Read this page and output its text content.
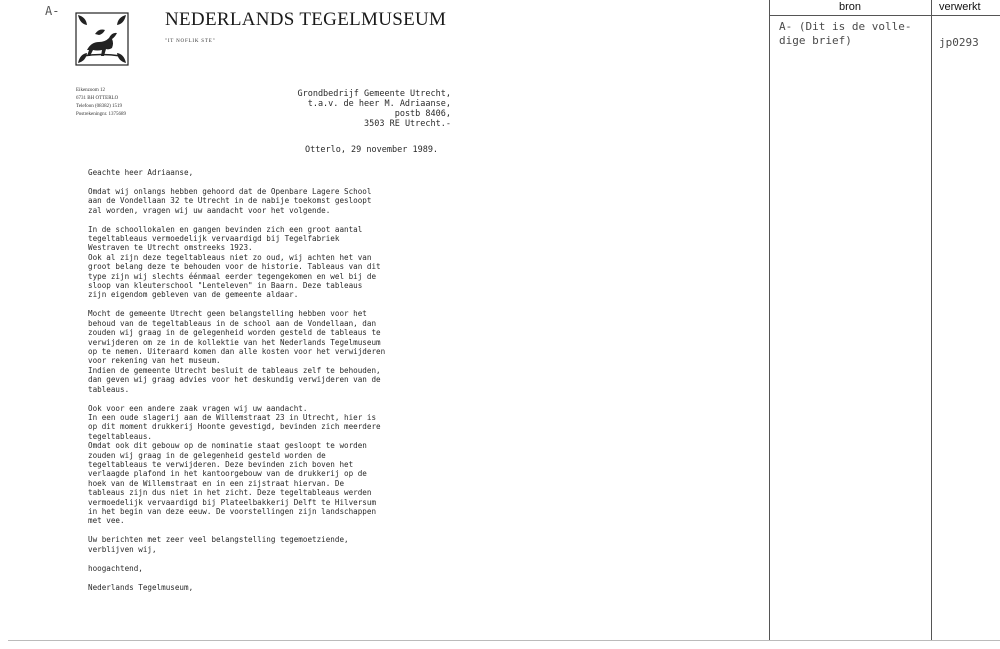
A-	NEDERLANDS TEGELMUSEUM
"IT NOFLIK STE"
Eikenzoom 12
6731 BH OTTERLO
Telefoon (08382) 1519
Postrekeningnr. 1375689
Grondbedrijf Gemeente Utrecht,
t.a.v. de heer M. Adriaanse,
postb 8406,
3503 RE Utrecht.-
Otterlo, 29 november 1989.

Geachte heer Adriaanse,

Omdat wij onlangs hebben gehoord dat de Openbare Lagere School
aan de Vondellaan 32 te Utrecht in de nabije toekomst gesloopt
zal worden, vragen wij uw aandacht voor het volgende.

In de schoollokalen en gangen bevinden zich een groot aantal
tegeltableaus vermoedelijk vervaardigd bij Tegelfabriek
Westraven te Utrecht omstreeks 1923.
Ook al zijn deze tegeltableaus niet zo oud, wij achten het van
groot belang deze te behouden voor de historie. Tableaus van dit
type zijn wij slechts éénmaal eerder tegengekomen en wel bij de
sloop van kleuterschool "Lenteleven" in Baarn. Deze tableaus
zijn eigendom gebleven van de gemeente aldaar.

Mocht de gemeente Utrecht geen belangstelling hebben voor het
behoud van de tegeltableaus in de school aan de Vondellaan, dan
zouden wij graag in de gelegenheid worden gesteld de tableaus te
verwijderen om ze in de kollektie van het Nederlands Tegelmuseum
op te nemen. Uiteraard komen dan alle kosten voor het verwijderen
voor rekening van het museum.
Indien de gemeente Utrecht besluit de tableaus zelf te behouden,
dan geven wij graag advies voor het deskundig verwijderen van de
tableaus.

Ook voor een andere zaak vragen wij uw aandacht.
In een oude slagerij aan de Willemstraat 23 in Utrecht, hier is
op dit moment drukkerij Hoonte gevestigd, bevinden zich meerdere
tegeltableaus.
Omdat ook dit gebouw op de nominatie staat gesloopt te worden
zouden wij graag in de gelegenheid gesteld worden de
tegeltableaus te verwijderen. Deze bevinden zich boven het
verlaagde plafond in het kantoorgebouw van de drukkerij op de
hoek van de Willemstraat en in een zijstraat hiervan. De
tableaus zijn dus niet in het zicht. Deze tegeltableaus werden
vermoedelijk vervaardigd bij Plateelbakkerij Delft te Hilversum
in het begin van deze eeuw. De voorstellingen zijn landschappen
met vee.

Uw berichten met zeer veel belangstelling tegemoetziende,
verblijven wij,

hoogachtend,

Nederlands Tegelmuseum,

bron	verwerkt
A- (Dit is de volle-
dige brief)	jp0293
